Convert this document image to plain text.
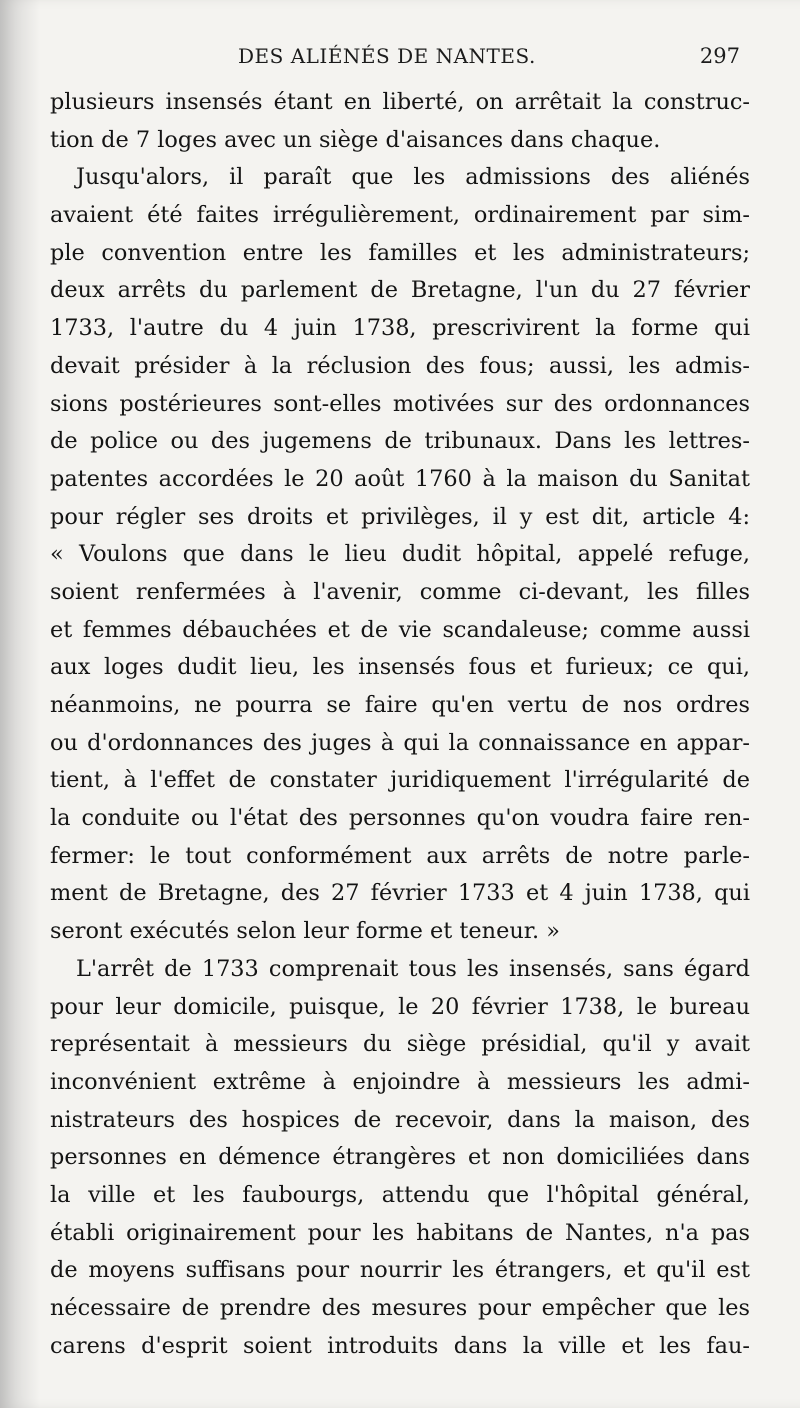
DES ALIÉNÉS DE NANTES.	297
plusieurs insensés étant en liberté, on arrêtait la construc-
tion de 7 loges avec un siège d'aisances dans chaque.
Jusqu'alors, il paraît que les admissions des aliénés
avaient été faites irrégulièrement, ordinairement par sim-
ple convention entre les familles et les administrateurs;
deux arrêts du parlement de Bretagne, l'un du 27 février
1733, l'autre du 4 juin 1738, prescrivirent la forme qui
devait présider à la réclusion des fous; aussi, les admis-
sions postérieures sont-elles motivées sur des ordonnances
de police ou des jugemens de tribunaux. Dans les lettres-
patentes accordées le 20 août 1760 à la maison du Sanitat
pour régler ses droits et privilèges, il y est dit, article 4:
« Voulons que dans le lieu dudit hôpital, appelé refuge,
soient renfermées à l'avenir, comme ci-devant, les filles
et femmes débauchées et de vie scandaleuse; comme aussi
aux loges dudit lieu, les insensés fous et furieux; ce qui,
néanmoins, ne pourra se faire qu'en vertu de nos ordres
ou d'ordonnances des juges à qui la connaissance en appar-
tient, à l'effet de constater juridiquement l'irrégularité de
la conduite ou l'état des personnes qu'on voudra faire ren-
fermer: le tout conformément aux arrêts de notre parle-
ment de Bretagne, des 27 février 1733 et 4 juin 1738, qui
seront exécutés selon leur forme et teneur. »
L'arrêt de 1733 comprenait tous les insensés, sans égard
pour leur domicile, puisque, le 20 février 1738, le bureau
représentait à messieurs du siège présidial, qu'il y avait
inconvénient extrême à enjoindre à messieurs les admi-
nistrateurs des hospices de recevoir, dans la maison, des
personnes en démence étrangères et non domiciliées dans
la ville et les faubourgs, attendu que l'hôpital général,
établi originairement pour les habitans de Nantes, n'a pas
de moyens suffisans pour nourrir les étrangers, et qu'il est
nécessaire de prendre des mesures pour empêcher que les
carens d'esprit soient introduits dans la ville et les fau-
